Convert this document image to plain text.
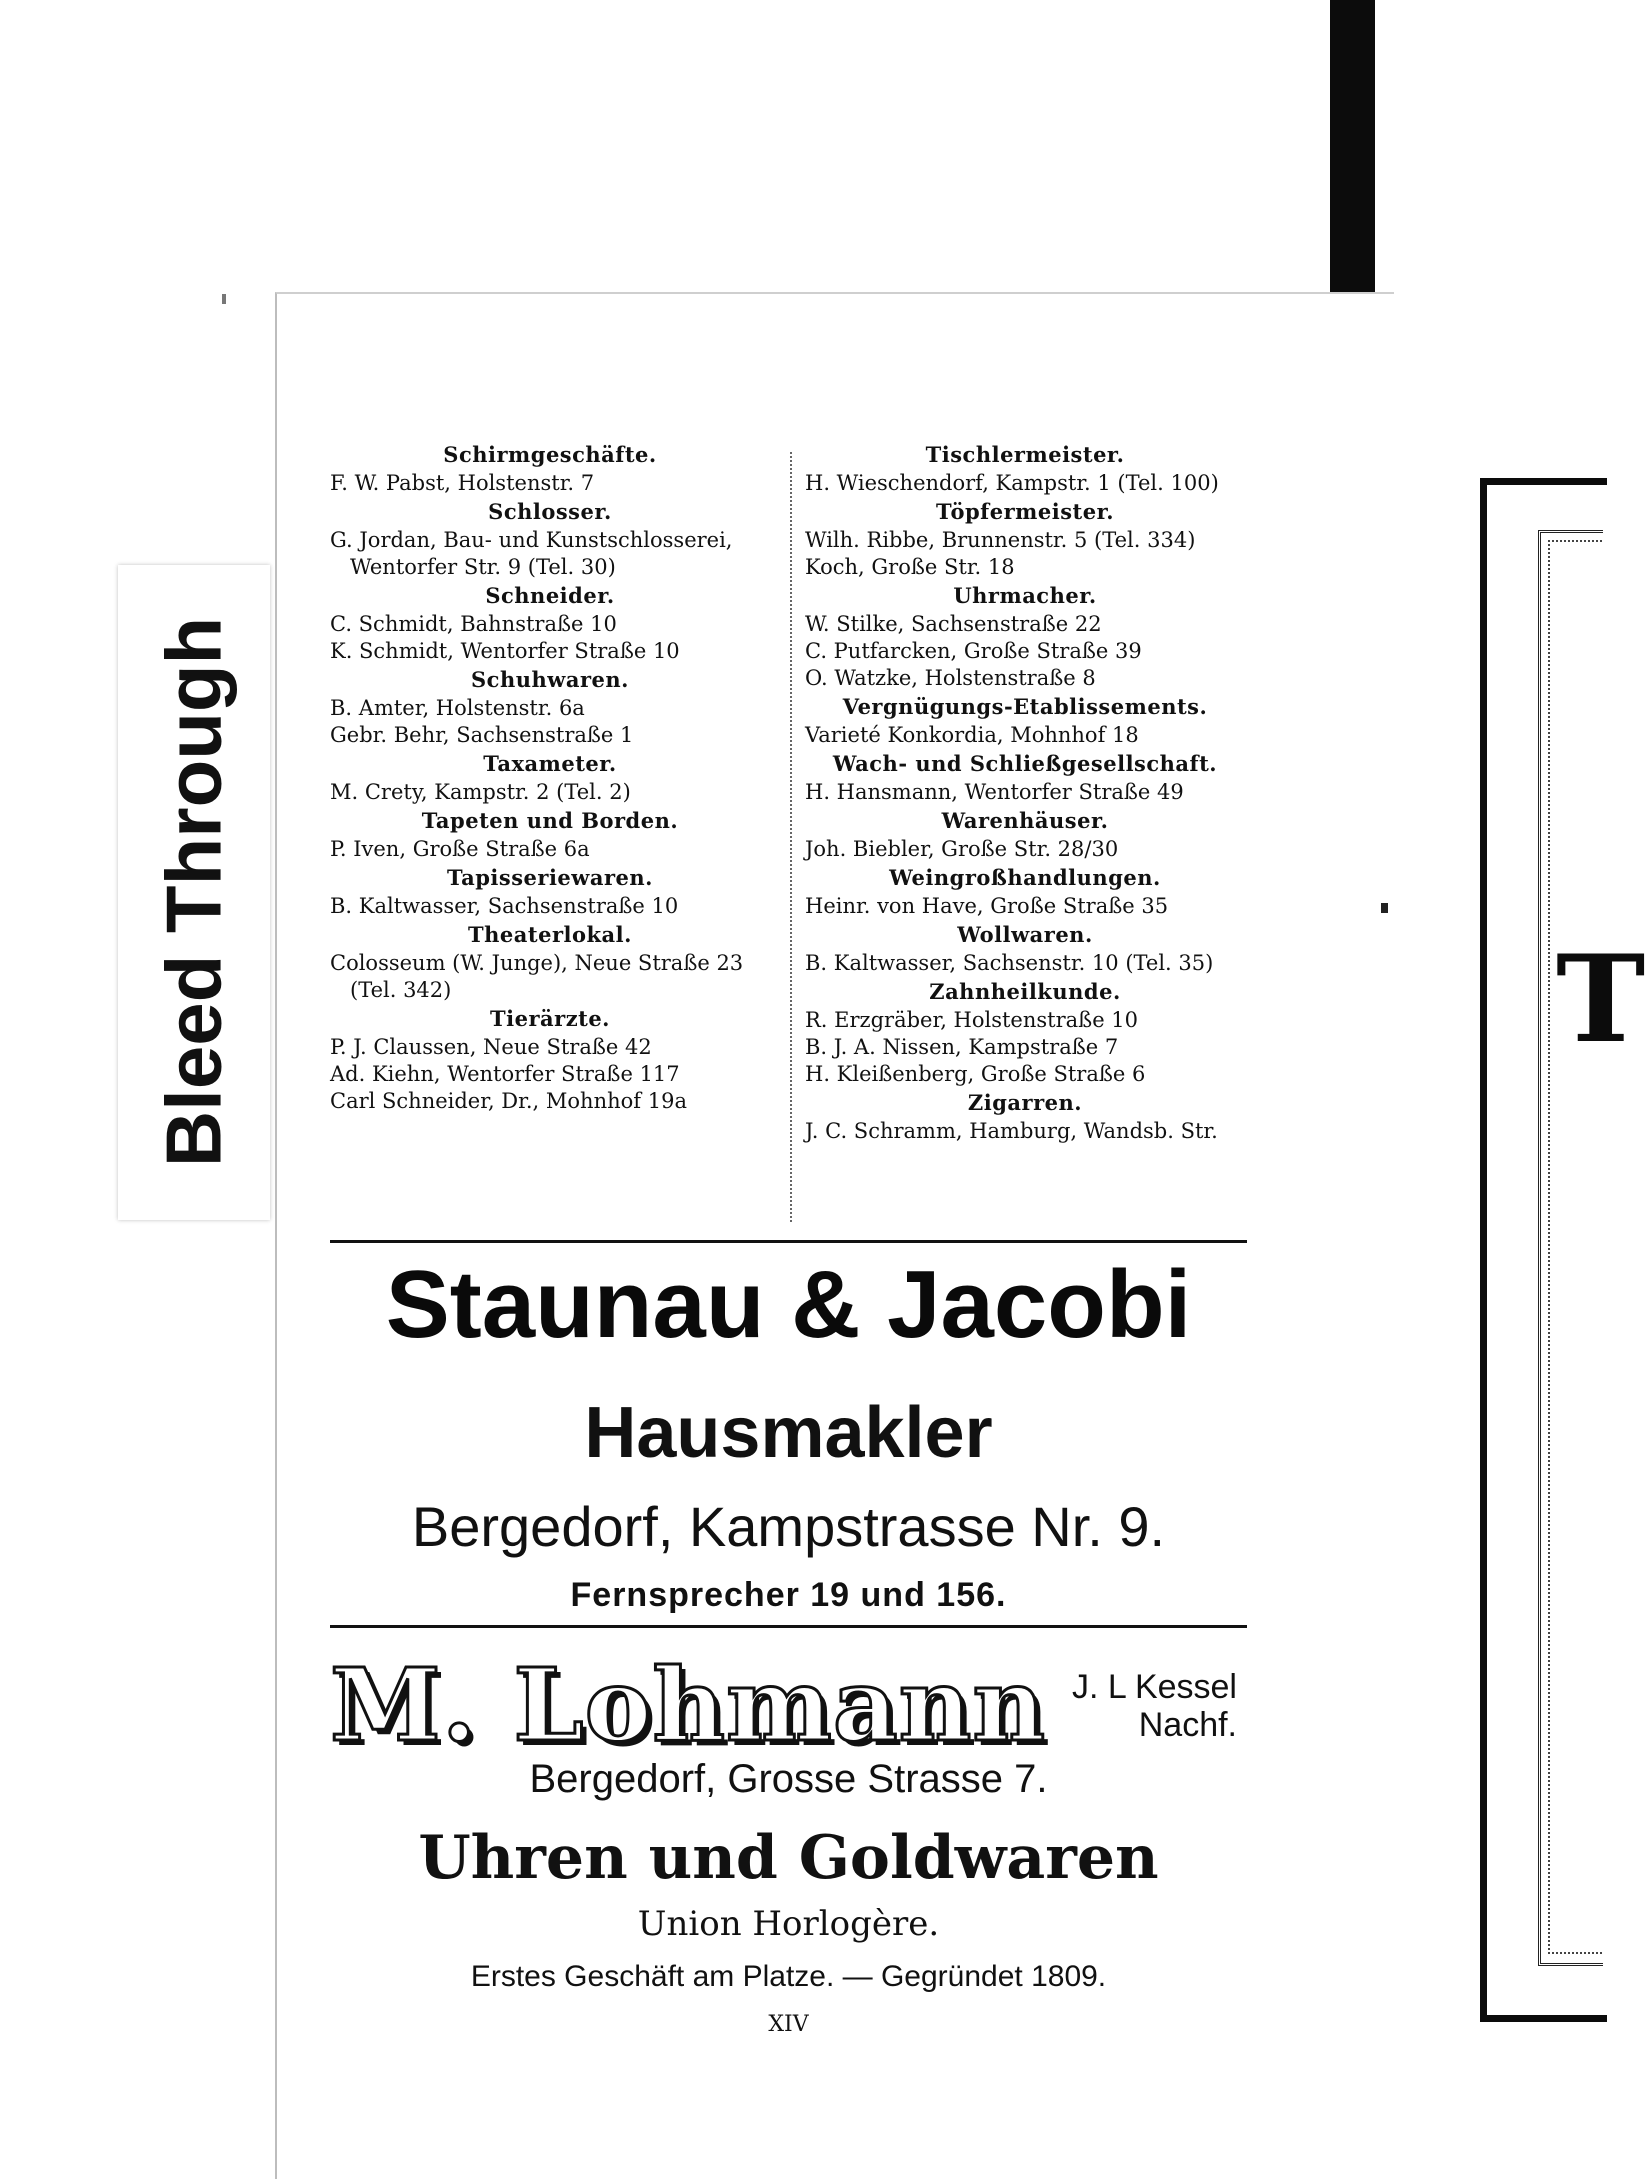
T
Bleed Through
Schirmgeschäfte.
F. W. Pabst, Holstenstr. 7
Schlosser.
G. Jordan, Bau- und Kunstschlosserei,
Wentorfer Str. 9 (Tel. 30)
Schneider.
C. Schmidt, Bahnstraße 10
K. Schmidt, Wentorfer Straße 10
Schuhwaren.
B. Amter, Holstenstr. 6a
Gebr. Behr, Sachsenstraße 1
Taxameter.
M. Crety, Kampstr. 2 (Tel. 2)
Tapeten und Borden.
P. Iven, Große Straße 6a
Tapisseriewaren.
B. Kaltwasser, Sachsenstraße 10
Theaterlokal.
Colosseum (W. Junge), Neue Straße 23
(Tel. 342)
Tierärzte.
P. J. Claussen, Neue Straße 42
Ad. Kiehn, Wentorfer Straße 117
Carl Schneider, Dr., Mohnhof 19a
Tischlermeister.
H. Wieschendorf, Kampstr. 1 (Tel. 100)
Töpfermeister.
Wilh. Ribbe, Brunnenstr. 5 (Tel. 334)
Koch, Große Str. 18
Uhrmacher.
W. Stilke, Sachsenstraße 22
C. Putfarcken, Große Straße 39
O. Watzke, Holstenstraße 8
Vergnügungs-Etablissements.
Varieté Konkordia, Mohnhof 18
Wach- und Schließgesellschaft.
H. Hansmann, Wentorfer Straße 49
Warenhäuser.
Joh. Biebler, Große Str. 28/30
Weingroßhandlungen.
Heinr. von Have, Große Straße 35
Wollwaren.
B. Kaltwasser, Sachsenstr. 10 (Tel. 35)
Zahnheilkunde.
R. Erzgräber, Holstenstraße 10
B. J. A. Nissen, Kampstraße 7
H. Kleißenberg, Große Straße 6
Zigarren.
J. C. Schramm, Hamburg, Wandsb. Str.
Staunau & Jacobi
Hausmakler
Bergedorf, Kampstrasse Nr. 9.
Fernsprecher 19 und 156.
M. Lohmann J. L Kessel
Nachf.
Bergedorf, Grosse Strasse 7.
Uhren und Goldwaren
Union Horlogère.
Erstes Geschäft am Platze. — Gegründet 1809.
XIV
